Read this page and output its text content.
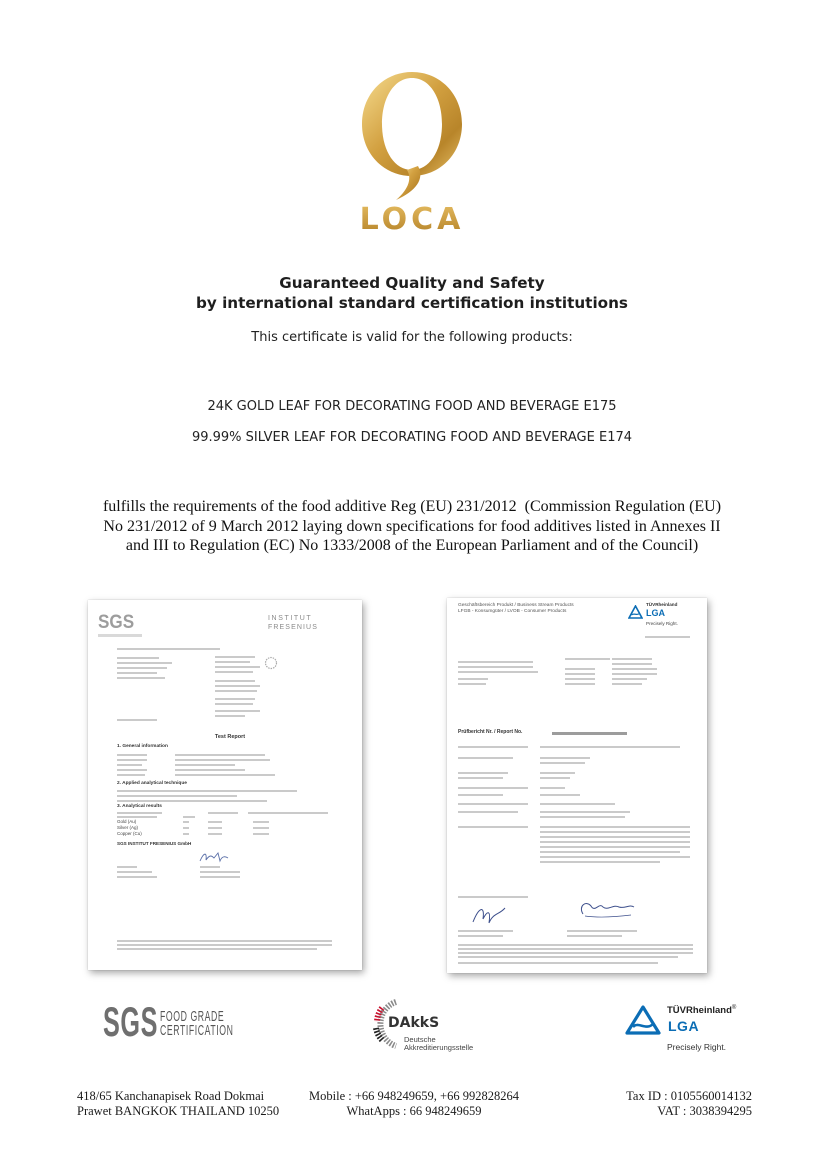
LOCA
Guaranteed Quality and Safety
by international standard certification institutions
This certificate is valid for the following products:
24K GOLD LEAF FOR DECORATING FOOD AND BEVERAGE E175
99.99% SILVER LEAF FOR DECORATING FOOD AND BEVERAGE E174
fulfills the requirements of the food additive Reg (EU) 231/2012  (Commission Regulation (EU)
No 231/2012 of 9 March 2012 laying down specifications for food additives listed in Annexes II
and III to Regulation (EC) No 1333/2008 of the European Parliament and of the Council)
SGS	INSTITUT
FRESENIUS
Test Report
1. General information
2. Applied analytical technique
3. Analytical results
Gold (Au)
Silver (Ag)
Copper (Cu)
SGS INSTITUT FRESENIUS GmbH
Geschäftsbereich Produkt / Business Stream Products
LFGB - Konsumgüter / LVOB - Consumer Products
TÜVRheinland
LGA
Precisely Right.
Prüfbericht Nr. / Report No.
SGS FOOD GRADE
CERTIFICATION	DAkkS
Deutsche
Akkreditierungsstelle
TÜVRheinland®
LGA
Precisely Right.
418/65 Kanchanapisek Road Dokmai
Prawet BANGKOK THAILAND 10250
Mobile : +66 948249659, +66 992828264
WhatApps : 66 948249659
Tax ID : 0105560014132
VAT : 3038394295
